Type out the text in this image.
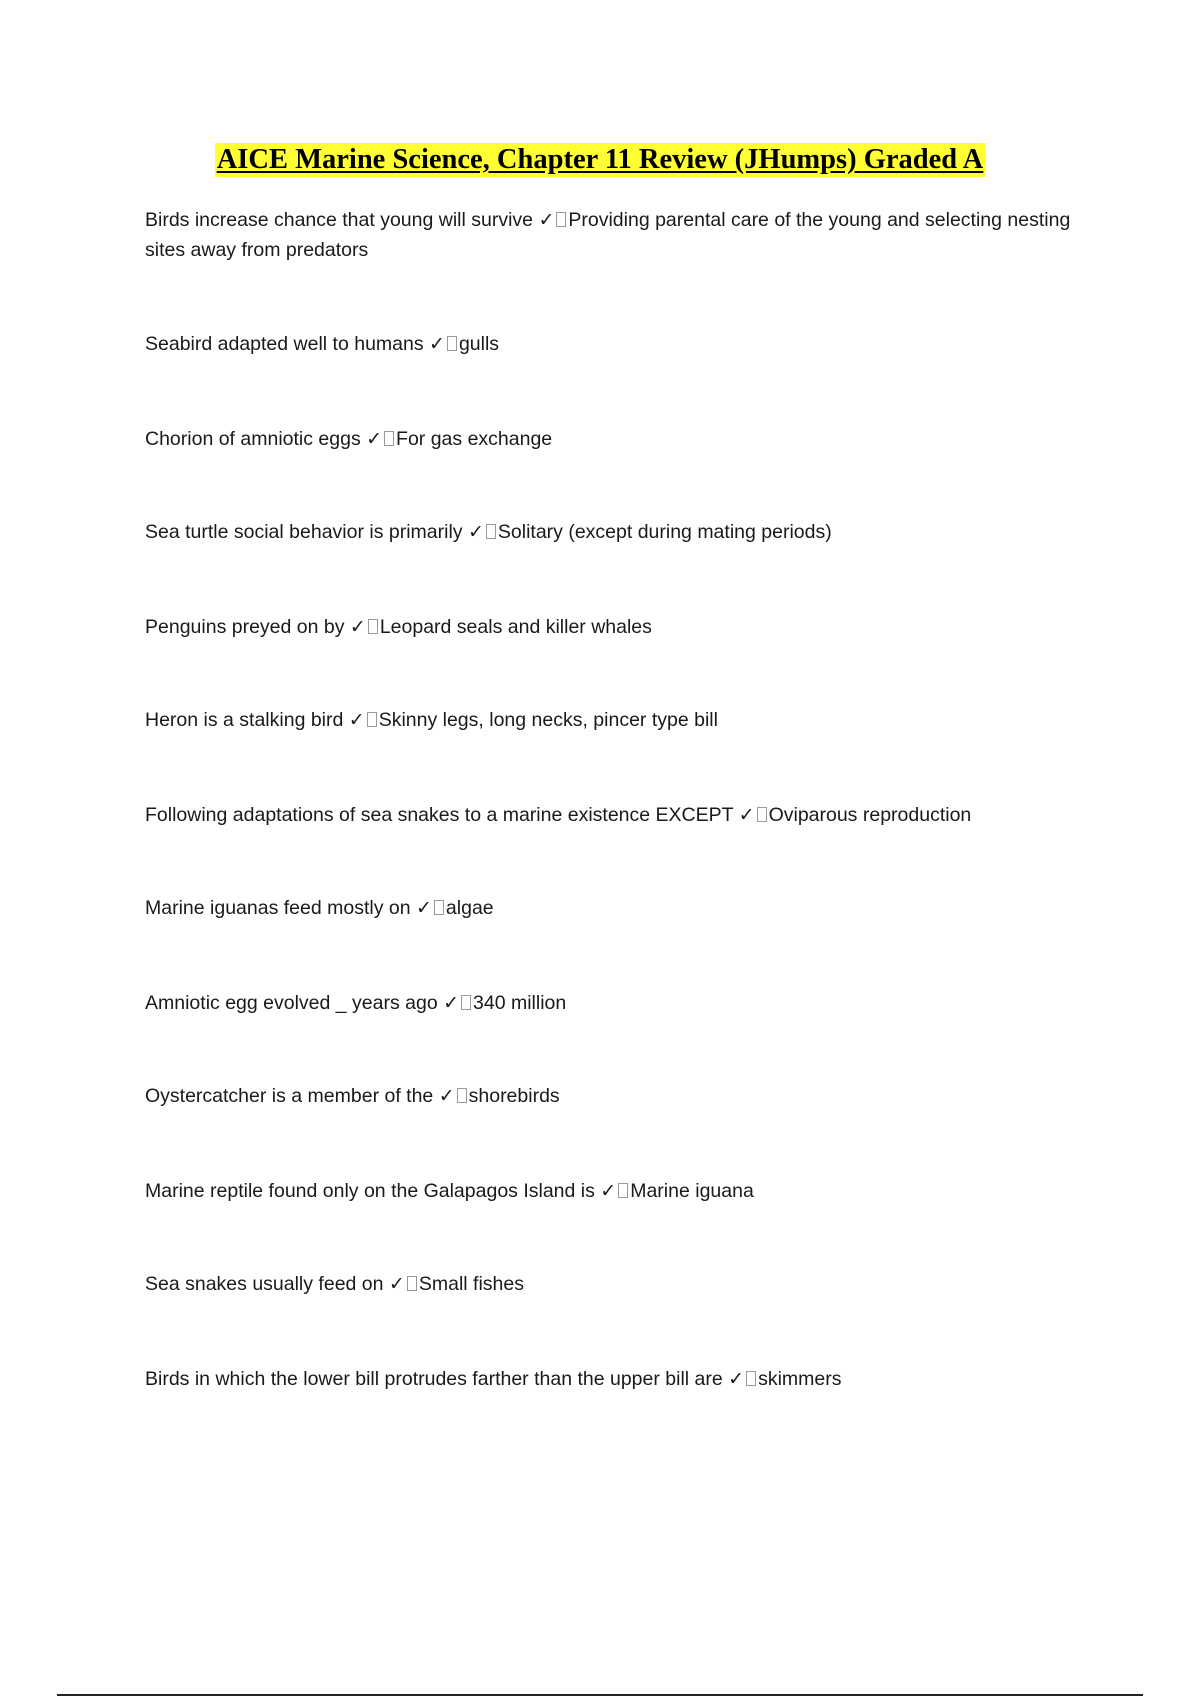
AICE Marine Science, Chapter 11 Review (JHumps) Graded A

Birds increase chance that young will survive ✓ Providing parental care of the young and selecting nesting sites away from predators

Seabird adapted well to humans ✓ gulls

Chorion of amniotic eggs ✓ For gas exchange

Sea turtle social behavior is primarily ✓ Solitary (except during mating periods)

Penguins preyed on by ✓ Leopard seals and killer whales

Heron is a stalking bird ✓ Skinny legs, long necks, pincer type bill

Following adaptations of sea snakes to a marine existence EXCEPT ✓ Oviparous reproduction

Marine iguanas feed mostly on ✓ algae

Amniotic egg evolved _ years ago ✓ 340 million

Oystercatcher is a member of the ✓ shorebirds

Marine reptile found only on the Galapagos Island is ✓ Marine iguana

Sea snakes usually feed on ✓ Small fishes

Birds in which the lower bill protrudes farther than the upper bill are ✓ skimmers
